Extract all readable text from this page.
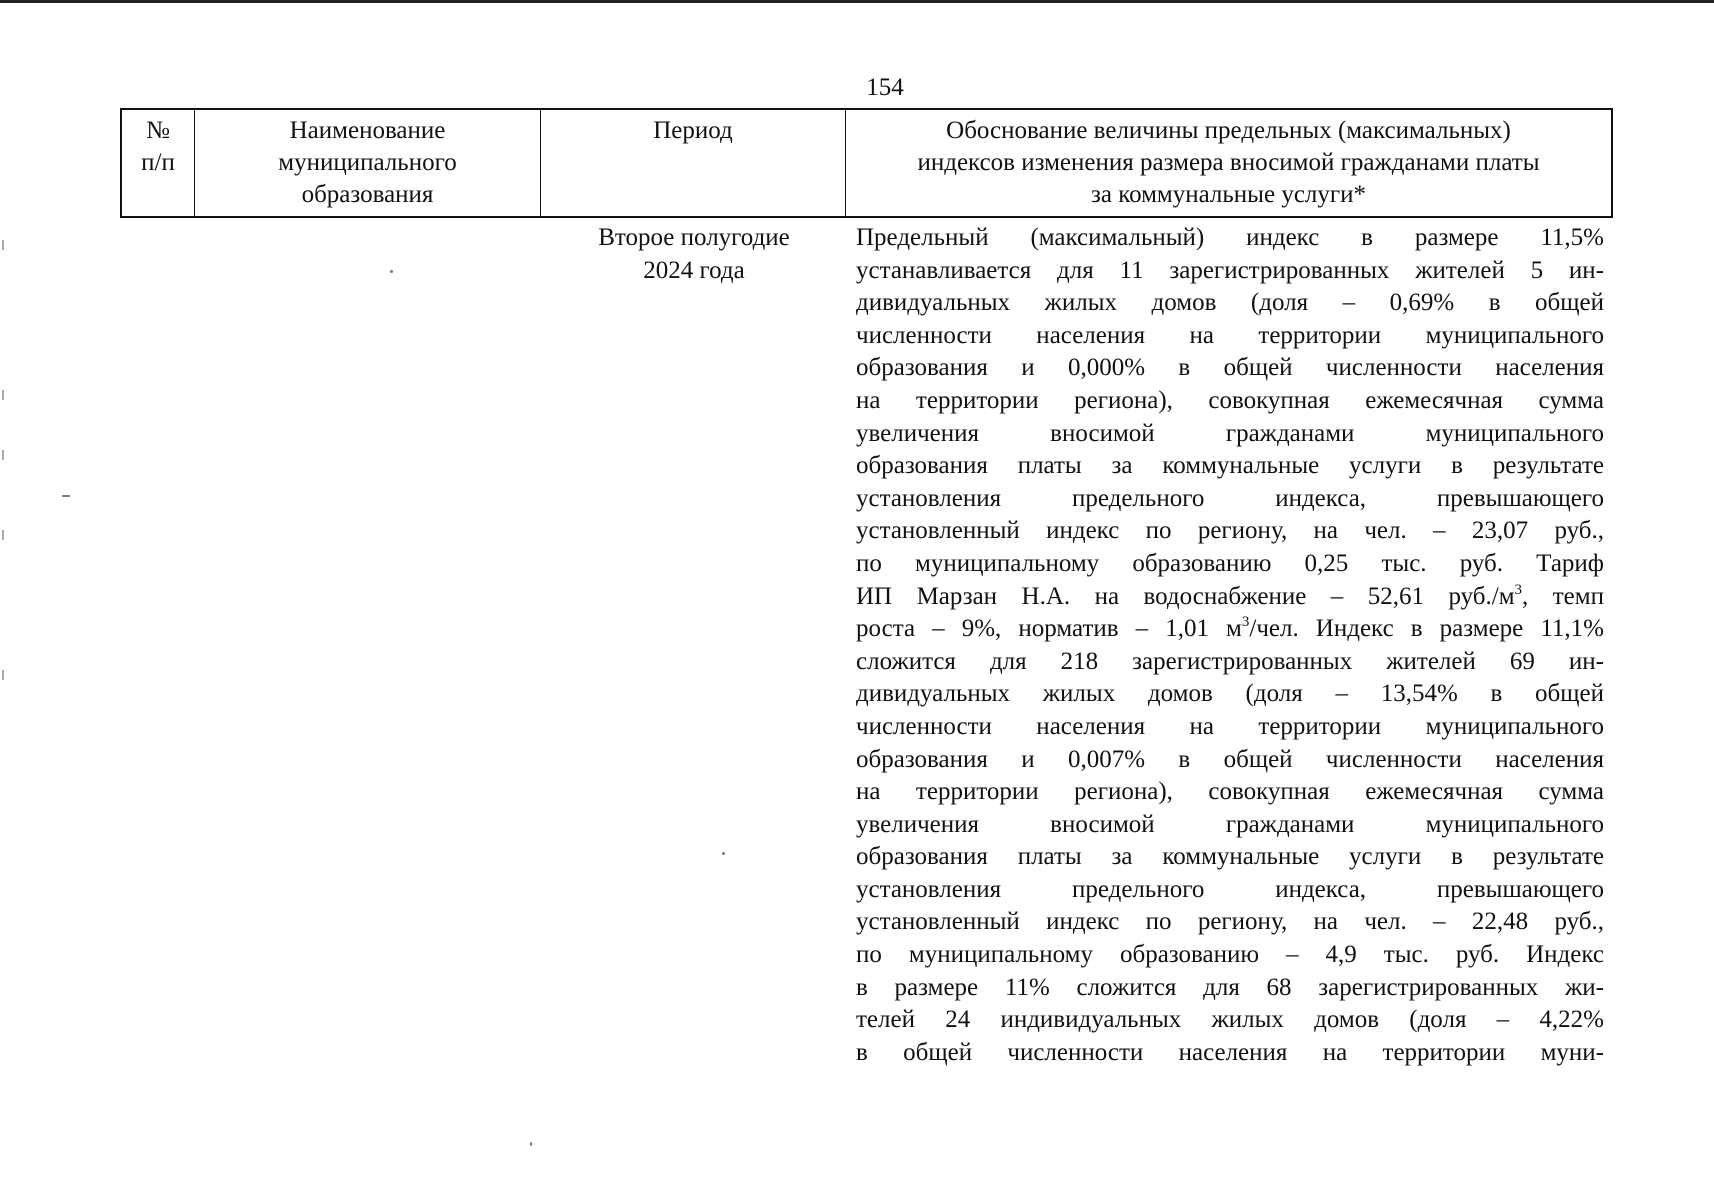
154
№
п/п
Наименование
муниципального
образования
Период	Обоснование величины предельных (максимальных)
индексов изменения размера вносимой гражданами платы
за коммунальные услуги*
Второе полугодие
2024 года
Предельный (максимальный) индекс в размере 11,5%
устанавливается для 11 зарегистрированных жителей 5 ин-
дивидуальных жилых домов (доля – 0,69% в общей
численности населения на территории муниципального
образования и 0,000% в общей численности населения
на территории региона), совокупная ежемесячная сумма
увеличения вносимой гражданами муниципального
образования платы за коммунальные услуги в результате
установления предельного индекса, превышающего
установленный индекс по региону, на чел. – 23,07 руб.,
по муниципальному образованию 0,25 тыс. руб. Тариф
ИП Марзан Н.А. на водоснабжение – 52,61 $руб./м^3$, темп
роста – 9%, норматив – 1,01 $м^3$/чел. Индекс в размере 11,1%
сложится для 218 зарегистрированных жителей 69 ин-
дивидуальных жилых домов (доля – 13,54% в общей
численности населения на территории муниципального
образования и 0,007% в общей численности населения
на территории региона), совокупная ежемесячная сумма
увеличения вносимой гражданами муниципального
образования платы за коммунальные услуги в результате
установления предельного индекса, превышающего
установленный индекс по региону, на чел. – 22,48 руб.,
по муниципальному образованию – 4,9 тыс. руб. Индекс
в размере 11% сложится для 68 зарегистрированных жи-
телей 24 индивидуальных жилых домов (доля – 4,22%
в общей численности населения на территории муни-
